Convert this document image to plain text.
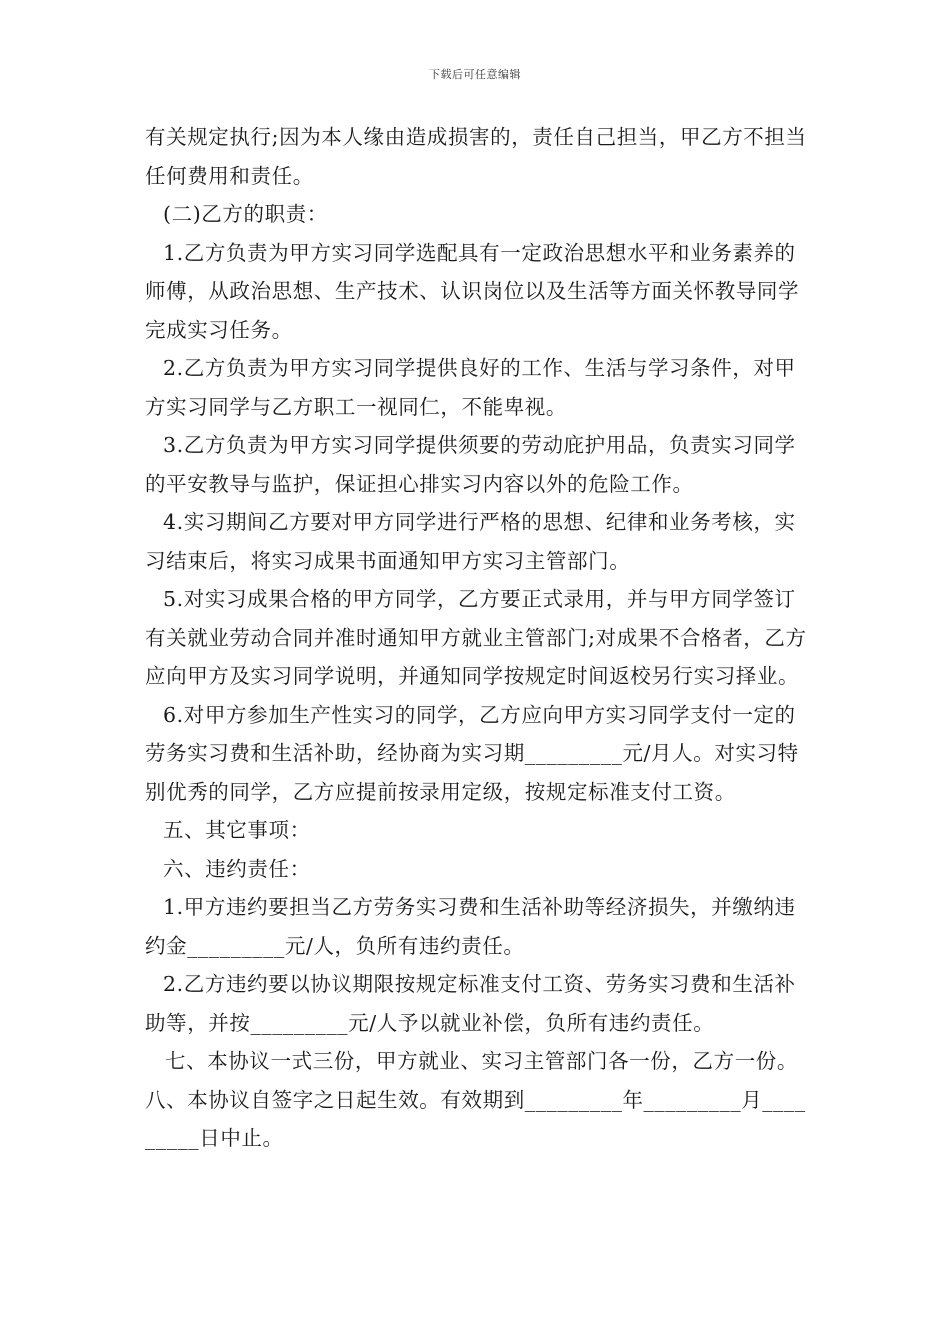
下载后可任意编辑

有关规定执行;因为本人缘由造成损害的，责任自己担当，甲乙方不担当任何费用和责任。

(二)乙方的职责：

1.乙方负责为甲方实习同学选配具有一定政治思想水平和业务素养的师傅，从政治思想、生产技术、认识岗位以及生活等方面关怀教导同学完成实习任务。

2.乙方负责为甲方实习同学提供良好的工作、生活与学习条件，对甲方实习同学与乙方职工一视同仁，不能卑视。

3.乙方负责为甲方实习同学提供须要的劳动庇护用品，负责实习同学的平安教导与监护，保证担心排实习内容以外的危险工作。

4.实习期间乙方要对甲方同学进行严格的思想、纪律和业务考核，实习结束后，将实习成果书面通知甲方实习主管部门。

5.对实习成果合格的甲方同学，乙方要正式录用，并与甲方同学签订有关就业劳动合同并准时通知甲方就业主管部门;对成果不合格者，乙方应向甲方及实习同学说明，并通知同学按规定时间返校另行实习择业。

6.对甲方参加生产性实习的同学，乙方应向甲方实习同学支付一定的劳务实习费和生活补助，经协商为实习期_________元/月人。对实习特别优秀的同学，乙方应提前按录用定级，按规定标准支付工资。

五、其它事项：

六、违约责任：

1.甲方违约要担当乙方劳务实习费和生活补助等经济损失，并缴纳违约金_________元/人，负所有违约责任。

2.乙方违约要以协议期限按规定标准支付工资、劳务实习费和生活补助等，并按_________元/人予以就业补偿，负所有违约责任。

七、本协议一式三份，甲方就业、实习主管部门各一份，乙方一份。八、本协议自签字之日起生效。有效期到_________年_________月_________日中止。
